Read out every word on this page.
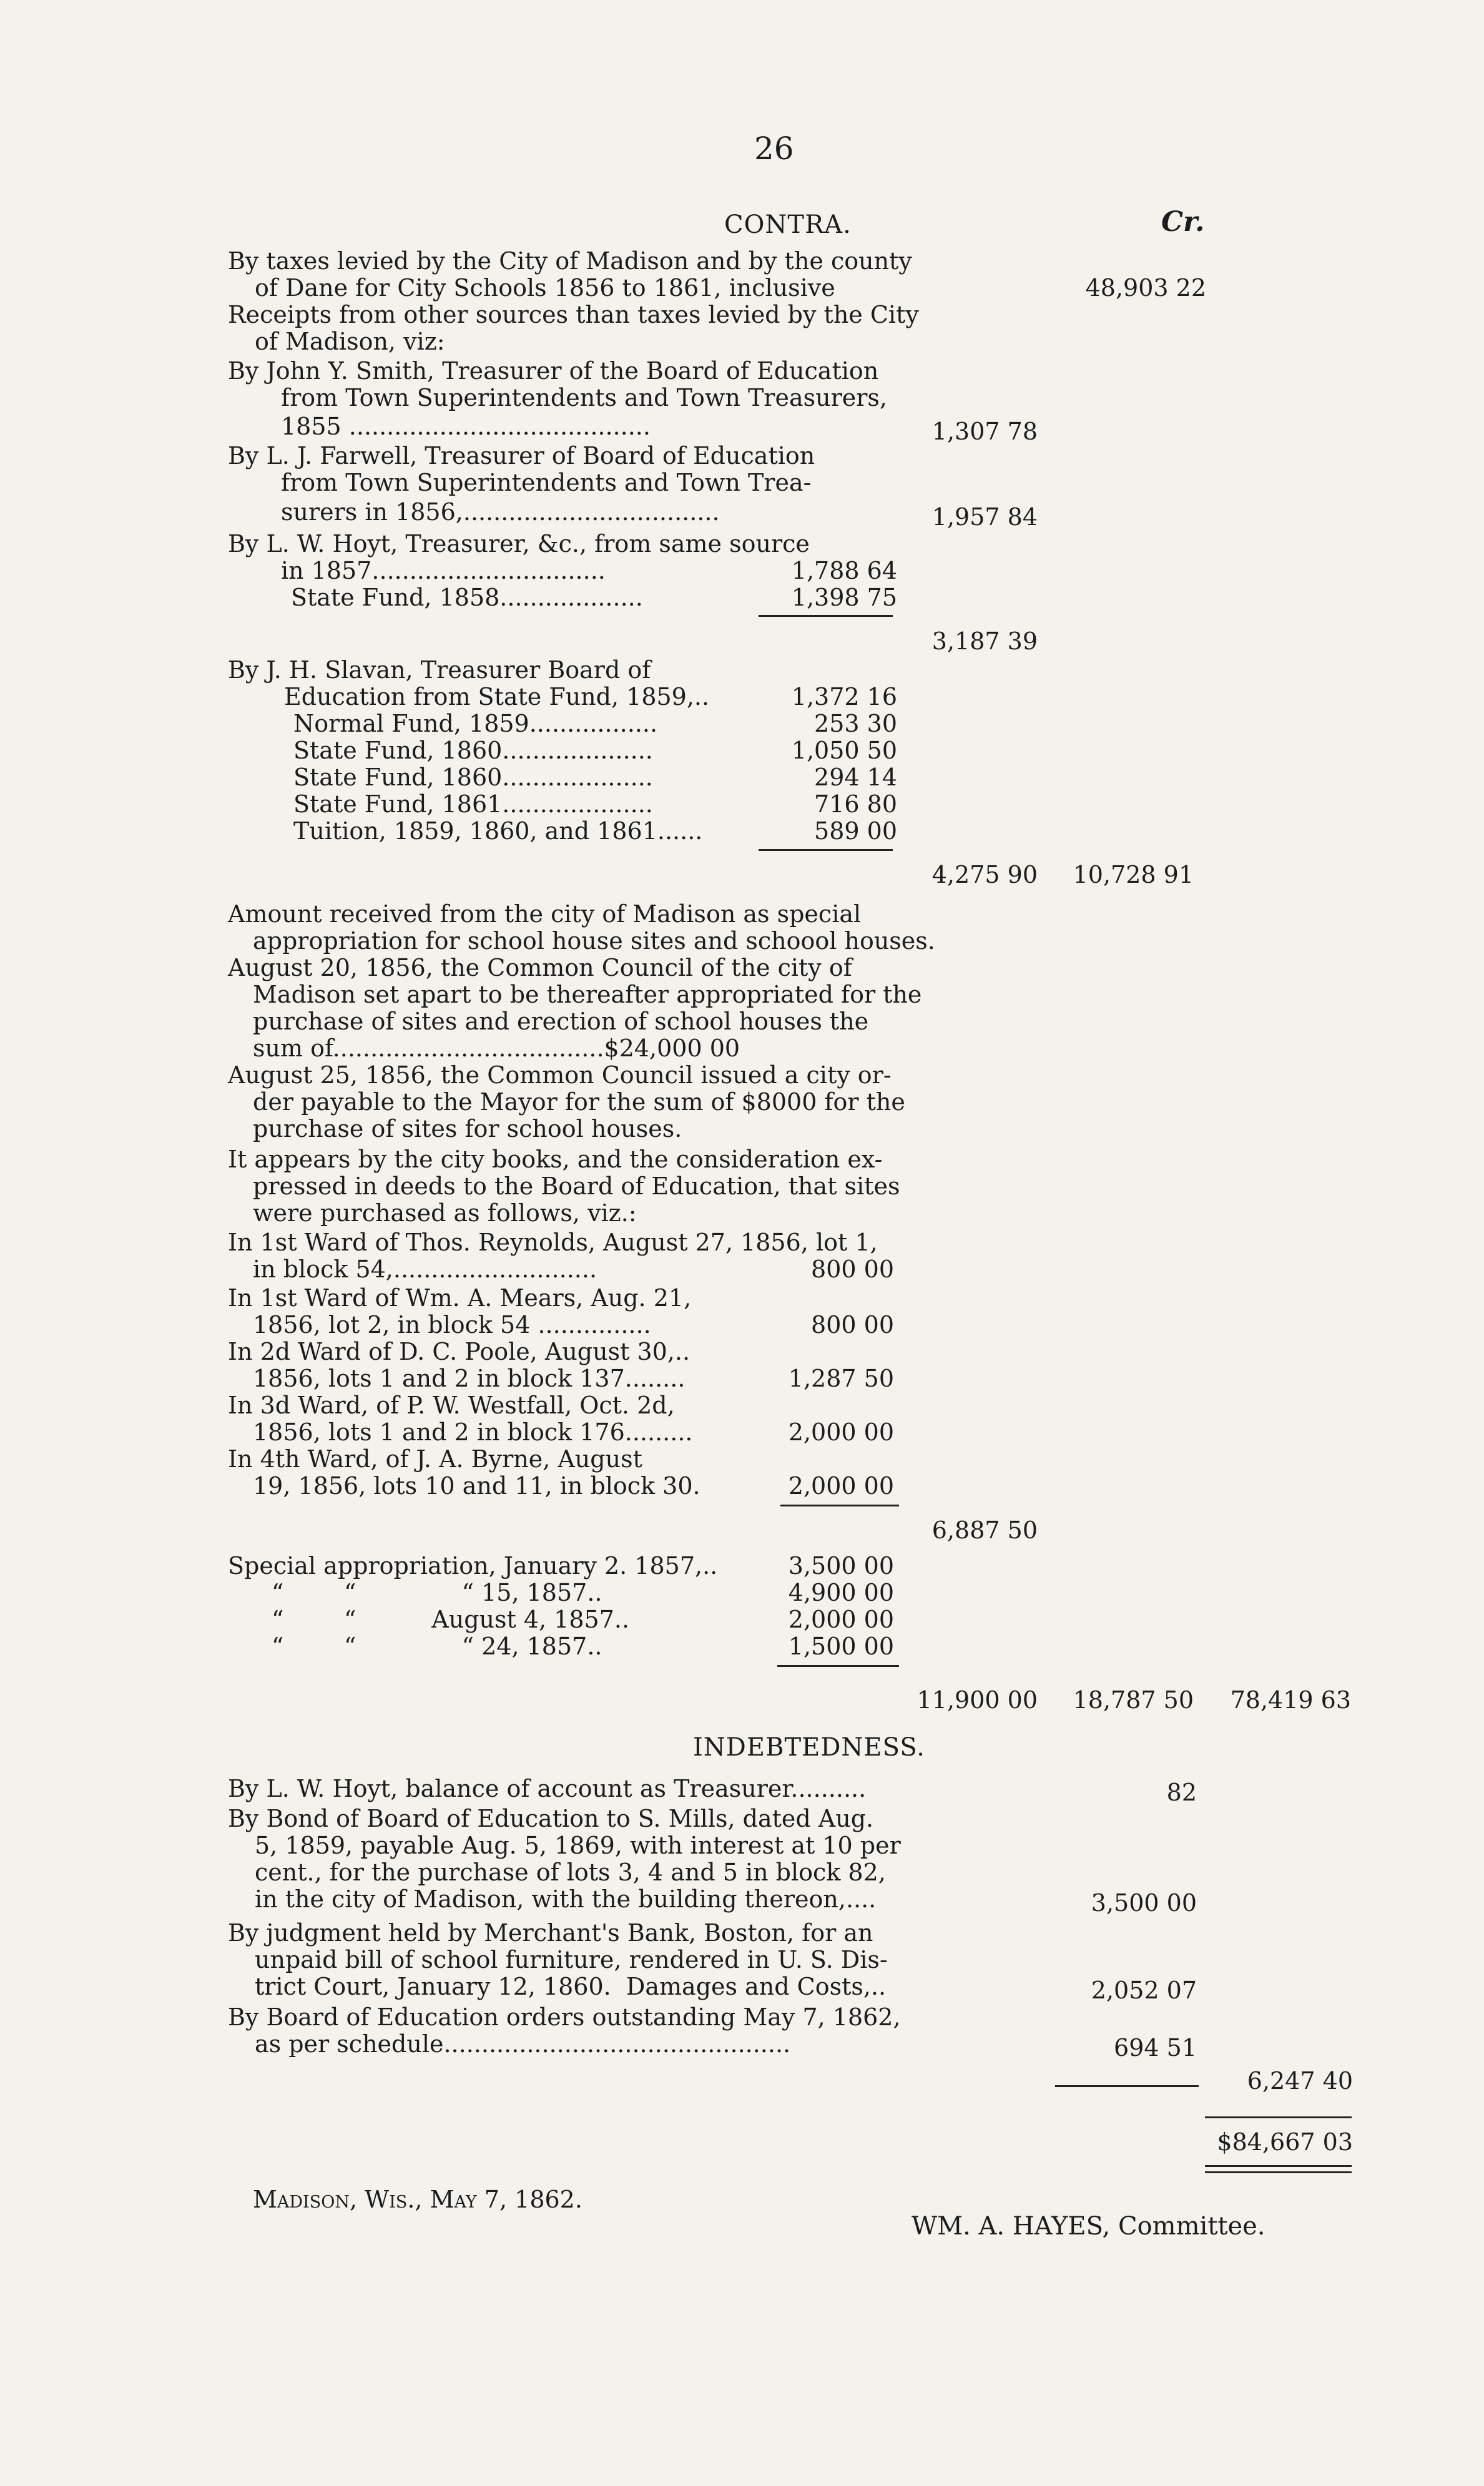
26
CONTRA.	Cr.
By taxes levied by the City of Madison and by the county
of Dane for City Schools 1856 to 1861, inclusive	48,903 22
Receipts from other sources than taxes levied by the City
of Madison, viz:
By John Y. Smith, Treasurer of the Board of Education
from Town Superintendents and Town Treasurers,
1855 ........................................	1,307 78
By L. J. Farwell, Treasurer of Board of Education
from Town Superintendents and Town Trea-
surers in 1856,..................................	1,957 84
By L. W. Hoyt, Treasurer, &c., from same source
in 1857...............................	1,788 64
State Fund, 1858...................	1,398 75
3,187 39
By J. H. Slavan, Treasurer Board of
Education from State Fund, 1859,..	1,372 16
Normal Fund, 1859.................	253 30
State Fund, 1860....................	1,050 50
State Fund, 1860....................	294 14
State Fund, 1861....................	716 80
Tuition, 1859, 1860, and 1861......	589 00
4,275 90 10,728 91
Amount received from the city of Madison as special
appropriation for school house sites and schoool houses.
August 20, 1856, the Common Council of the city of
Madison set apart to be thereafter appropriated for the
purchase of sites and erection of school houses the
sum of....................................$24,000 00
August 25, 1856, the Common Council issued a city or-
der payable to the Mayor for the sum of $8000 for the
purchase of sites for school houses.
It appears by the city books, and the consideration ex-
pressed in deeds to the Board of Education, that sites
were purchased as follows, viz.:
In 1st Ward of Thos. Reynolds, August 27, 1856, lot 1,
in block 54,...........................	800 00
In 1st Ward of Wm. A. Mears, Aug. 21,
1856, lot 2, in block 54 ...............	800 00
In 2d Ward of D. C. Poole, August 30,..
1856, lots 1 and 2 in block 137........	1,287 50
In 3d Ward, of P. W. Westfall, Oct. 2d,
1856, lots 1 and 2 in block 176.........	2,000 00
In 4th Ward, of J. A. Byrne, August
19, 1856, lots 10 and 11, in block 30.	2,000 00
6,887 50
Special appropriation, January 2. 1857,..	3,500 00
“        “              “ 15, 1857..	4,900 00
“        “          August 4, 1857..	2,000 00
“        “              “ 24, 1857..	1,500 00
11,900 00 18,787 50 78,419 63
INDEBTEDNESS.
By L. W. Hoyt, balance of account as Treasurer..........	82
By Bond of Board of Education to S. Mills, dated Aug.
5, 1859, payable Aug. 5, 1869, with interest at 10 per
cent., for the purchase of lots 3, 4 and 5 in block 82,
in the city of Madison, with the building thereon,....	3,500 00
By judgment held by Merchant's Bank, Boston, for an
unpaid bill of school furniture, rendered in U. S. Dis-
trict Court, January 12, 1860.  Damages and Costs,..	2,052 07
By Board of Education orders outstanding May 7, 1862,
as per schedule..............................................	694 51
6,247 40
$84,667 03
Madison, Wis., May 7, 1862.
WM. A. HAYES, Committee.
